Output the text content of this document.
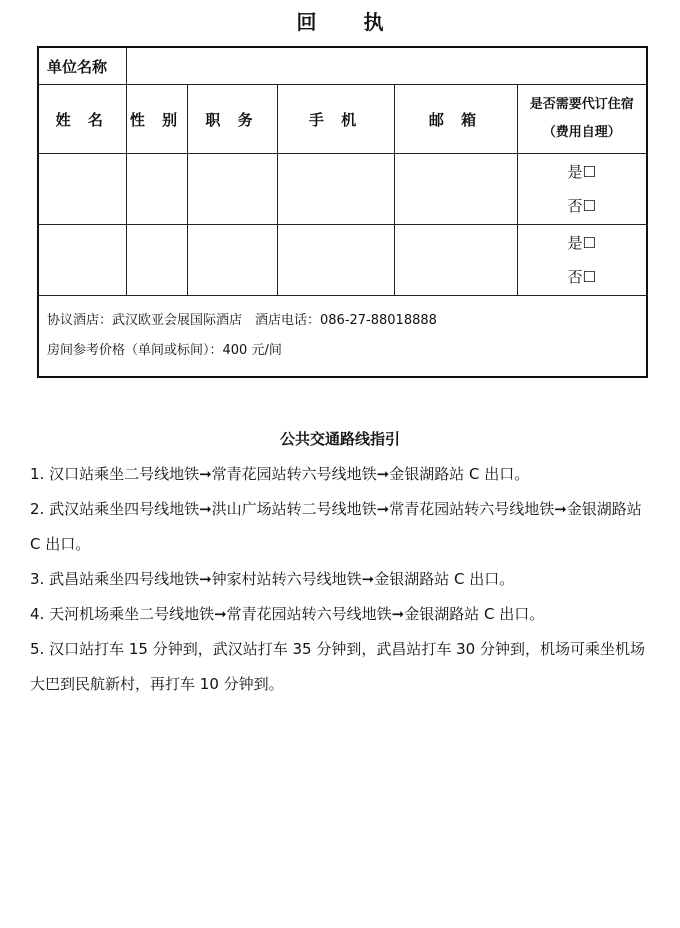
回 执
单位名称					
姓 名	性 别	职 务	手 机	邮 箱	是否需要代订住宿
（费用自理）

					是☐
否☐

					是☐
否☐

协议酒店：武汉欧亚会展国际酒店　酒店电话：086-27-88018888
房间参考价格（单间或标间）：400 元/间					
公共交通路线指引

1. 汉口站乘坐二号线地铁➞常青花园站转六号线地铁➞金银湖路站 C 出口。

2. 武汉站乘坐四号线地铁➞洪山广场站转二号线地铁➞常青花园站转六号线地铁➞金银湖路站 C 出口。

3. 武昌站乘坐四号线地铁➞钟家村站转六号线地铁➞金银湖路站 C 出口。

4. 天河机场乘坐二号线地铁➞常青花园站转六号线地铁➞金银湖路站 C 出口。

5. 汉口站打车 15 分钟到，武汉站打车 35 分钟到，武昌站打车 30 分钟到，机场可乘坐机场大巴到民航新村，再打车 10 分钟到。
